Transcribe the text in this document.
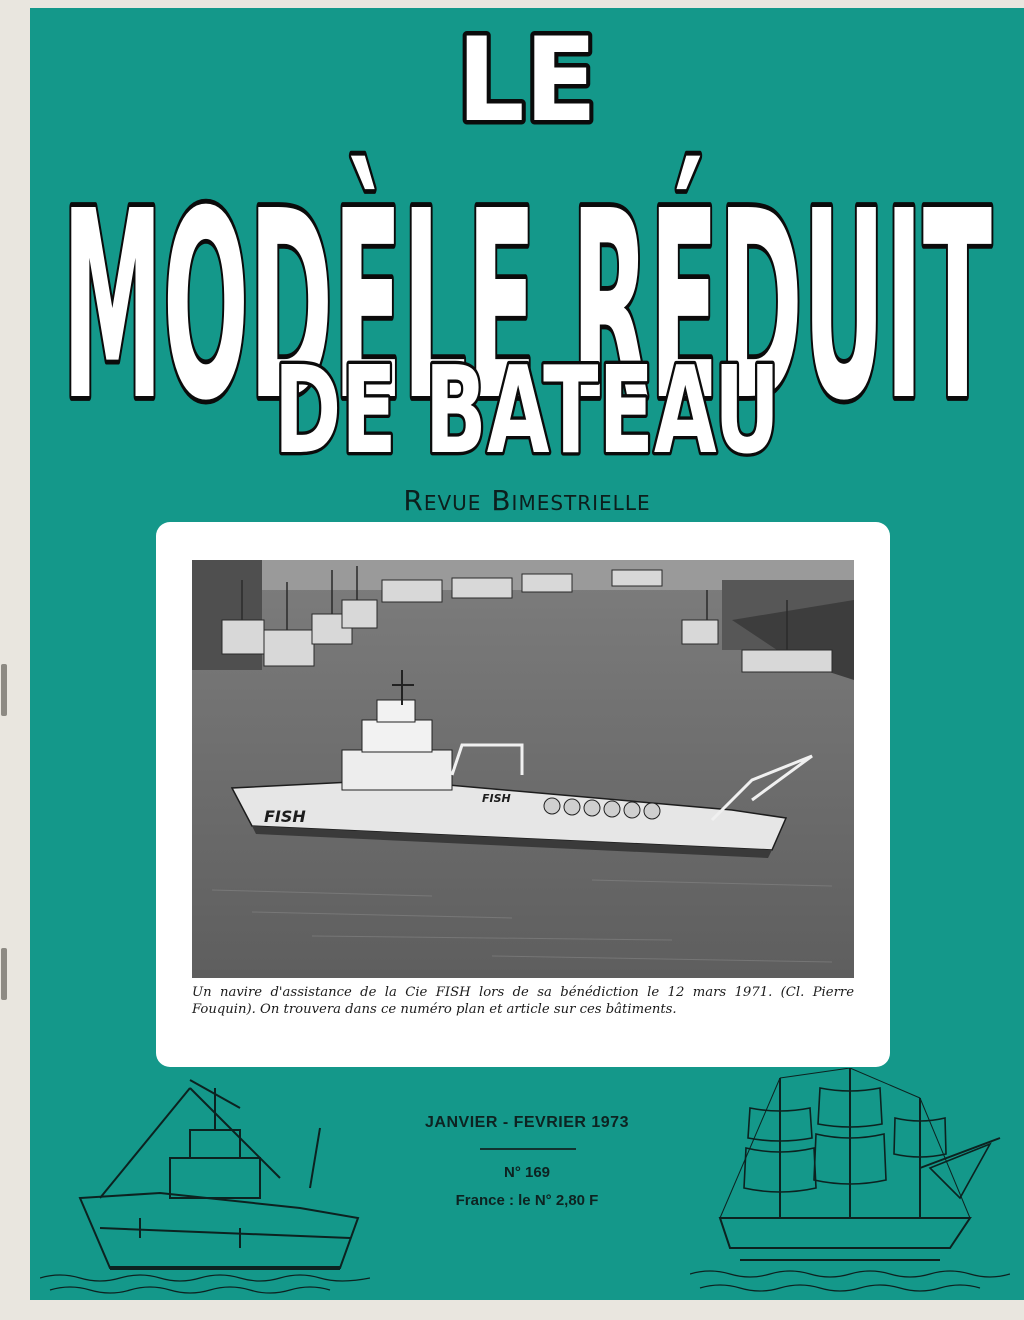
LE
MODÈLE RÉDUIT
DE BATEAU
Revue Bimestrielle
FISH
FISH
Un navire d'assistance de la Cie FISH lors de sa bénédiction le 12 mars 1971. (Cl. Pierre Fouquin). On trouvera dans ce numéro plan et article sur ces bâtiments.
JANVIER - FEVRIER 1973
N° 169
France : le N° 2,80 F
